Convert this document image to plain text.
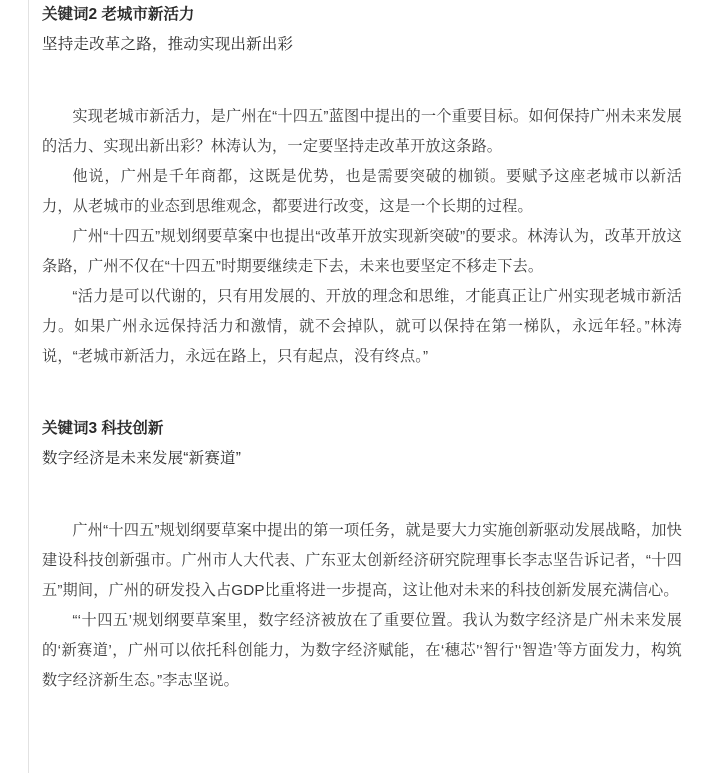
关键词2 老城市新活力

坚持走改革之路，推动实现出新出彩

实现老城市新活力，是广州在“十四五”蓝图中提出的一个重要目标。如何保持广州未来发展的活力、实现出新出彩？林涛认为，一定要坚持走改革开放这条路。

他说，广州是千年商都，这既是优势，也是需要突破的枷锁。要赋予这座老城市以新活力，从老城市的业态到思维观念，都要进行改变，这是一个长期的过程。

广州“十四五”规划纲要草案中也提出“改革开放实现新突破”的要求。林涛认为，改革开放这条路，广州不仅在“十四五”时期要继续走下去，未来也要坚定不移走下去。

“活力是可以代谢的，只有用发展的、开放的理念和思维，才能真正让广州实现老城市新活力。如果广州永远保持活力和激情，就不会掉队，就可以保持在第一梯队，永远年轻。”林涛说，“老城市新活力，永远在路上，只有起点，没有终点。”

关键词3 科技创新

数字经济是未来发展“新赛道”

广州“十四五”规划纲要草案中提出的第一项任务，就是要大力实施创新驱动发展战略，加快建设科技创新强市。广州市人大代表、广东亚太创新经济研究院理事长李志坚告诉记者，“十四五”期间，广州的研发投入占GDP比重将进一步提高，这让他对未来的科技创新发展充满信心。

“‘十四五’规划纲要草案里，数字经济被放在了重要位置。我认为数字经济是广州未来发展的‘新赛道’，广州可以依托科创能力，为数字经济赋能，在‘穗芯’‘智行’‘智造’等方面发力，构筑数字经济新生态。”李志坚说。
